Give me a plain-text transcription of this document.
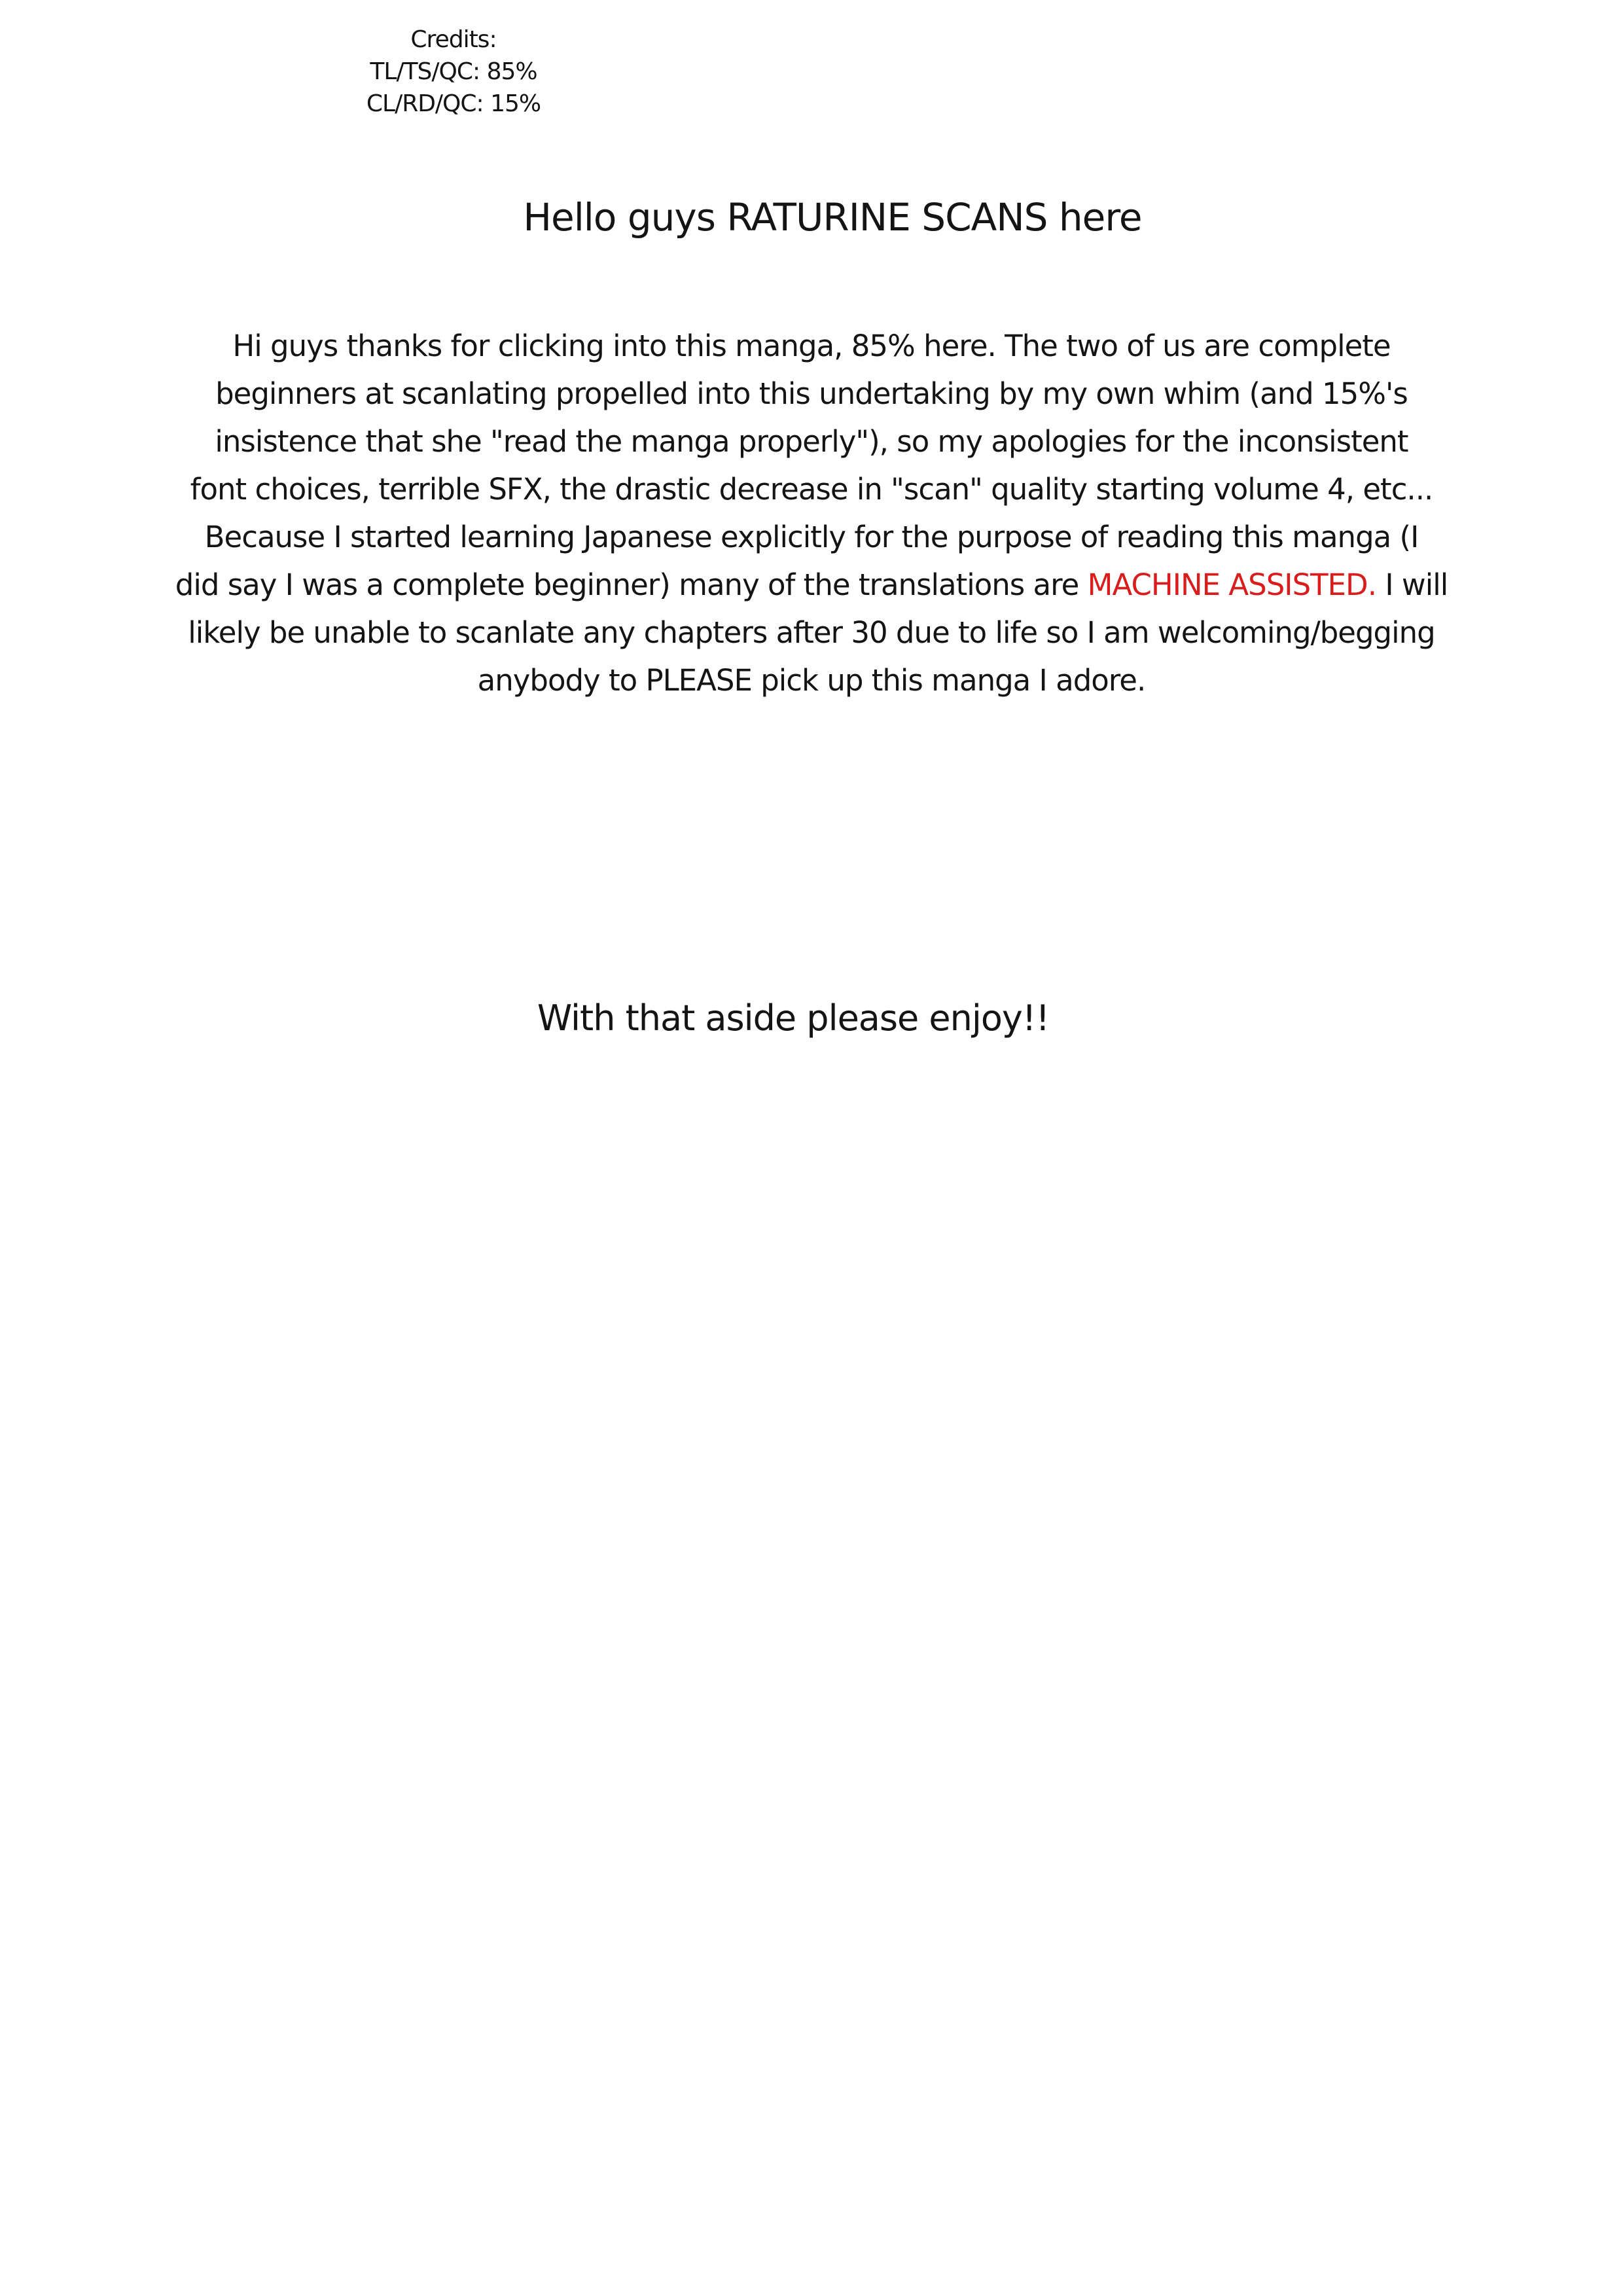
Credits:
TL/TS/QC: 85%
CL/RD/QC: 15%
Hello guys RATURINE SCANS here
Hi guys thanks for clicking into this manga, 85% here. The two of us are complete
beginners at scanlating propelled into this undertaking by my own whim (and 15%'s
insistence that she "read the manga properly"), so my apologies for the inconsistent
font choices, terrible SFX, the drastic decrease in "scan" quality starting volume 4, etc...
Because I started learning Japanese explicitly for the purpose of reading this manga (I
did say I was a complete beginner) many of the translations are MACHINE ASSISTED. I will
likely be unable to scanlate any chapters after 30 due to life so I am welcoming/begging
anybody to PLEASE pick up this manga I adore.
With that aside please enjoy!!
